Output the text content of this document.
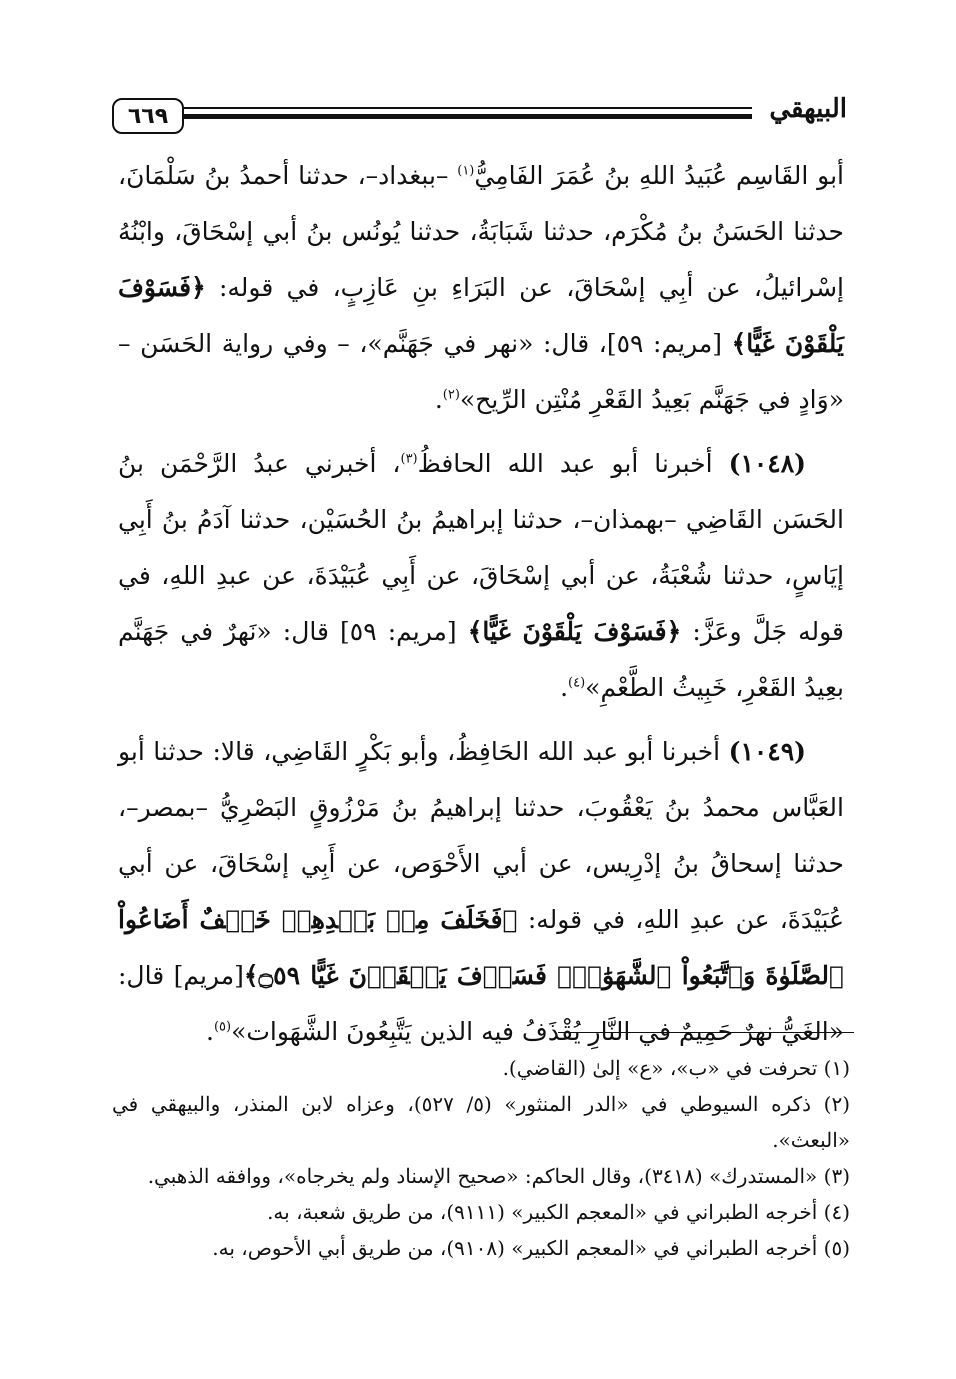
٦٦٩	البيهقي

أبو القَاسِم عُبَيدُ اللهِ بنُ عُمَرَ الفَامِيُّ$^{(١)}$ –ببغداد–، حدثنا أحمدُ بنُ سَلْمَانَ، حدثنا الحَسَنُ بنُ مُكْرَم، حدثنا شَبَابَةُ، حدثنا يُونُس بنُ أبي إسْحَاقَ، وابْنُهُ إسْرائيلُ، عن أبِي إسْحَاقَ، عن البَرَاءِ بنِ عَازِبٍ، في قوله: ﴿فَسَوْفَ يَلْقَوْنَ غَيًّا﴾ [مريم: ٥٩]، قال: «نهر في جَهَنَّم»، – وفي رواية الحَسَن – «وَادٍ في جَهَنَّم بَعِيدُ القَعْرِ مُنْتِن الرِّيح»$^{(٢)}$.

(١٠٤٨) أخبرنا أبو عبد الله الحافظُ$^{(٣)}$، أخبرني عبدُ الرَّحْمَن بنُ الحَسَن القَاضِي –بهمذان–، حدثنا إبراهيمُ بنُ الحُسَيْن، حدثنا آدَمُ بنُ أَبِي إيَاسٍ، حدثنا شُعْبَةُ، عن أبي إسْحَاقَ، عن أَبِي عُبَيْدَةَ، عن عبدِ اللهِ، في قوله جَلَّ وعَزَّ: ﴿فَسَوْفَ يَلْقَوْنَ غَيًّا﴾ [مريم: ٥٩] قال: «نَهرٌ في جَهَنَّم بعِيدُ القَعْرِ، خَبِيثُ الطَّعْمِ»$^{(٤)}$.

(١٠٤٩) أخبرنا أبو عبد الله الحَافِظُ، وأبو بَكْرٍ القَاضِي، قالا: حدثنا أبو العَبَّاس محمدُ بنُ يَعْقُوبَ، حدثنا إبراهيمُ بنُ مَرْزُوقٍ البَصْرِيُّ –بمصر–، حدثنا إسحاقُ بنُ إدْرِيس، عن أبي الأَحْوَص، عن أَبِي إسْحَاقَ، عن أبي عُبَيْدَةَ، عن عبدِ اللهِ، في قوله: ﴿فَخَلَفَ مِنۢ بَعۡدِهِمۡ خَلۡفٌ أَضَاعُواْ ٱلصَّلَوٰةَ وَٱتَّبَعُواْ ٱلشَّهَوَٰتِۖ فَسَوۡفَ يَلۡقَوۡنَ غَيًّا ۝٥٩﴾[مريم] قال: «الغَيُّ نهرٌ حَمِيمٌ في النَّارِ يُقْذَفُ فيه الذين يَتَّبِعُونَ الشَّهَوات»$^{(٥)}$.

(١) تحرفت في «ب»، «ع» إلىٰ (القاضي).
(٢) ذكره السيوطي في «الدر المنثور» (٥/ ٥٢٧)، وعزاه لابن المنذر، والبيهقي في «البعث».
(٣) «المستدرك» (٣٤١٨)، وقال الحاكم: «صحيح الإسناد ولم يخرجاه»، ووافقه الذهبي.
(٤) أخرجه الطبراني في «المعجم الكبير» (٩١١١)، من طريق شعبة، به.
(٥) أخرجه الطبراني في «المعجم الكبير» (٩١٠٨)، من طريق أبي الأحوص، به.
